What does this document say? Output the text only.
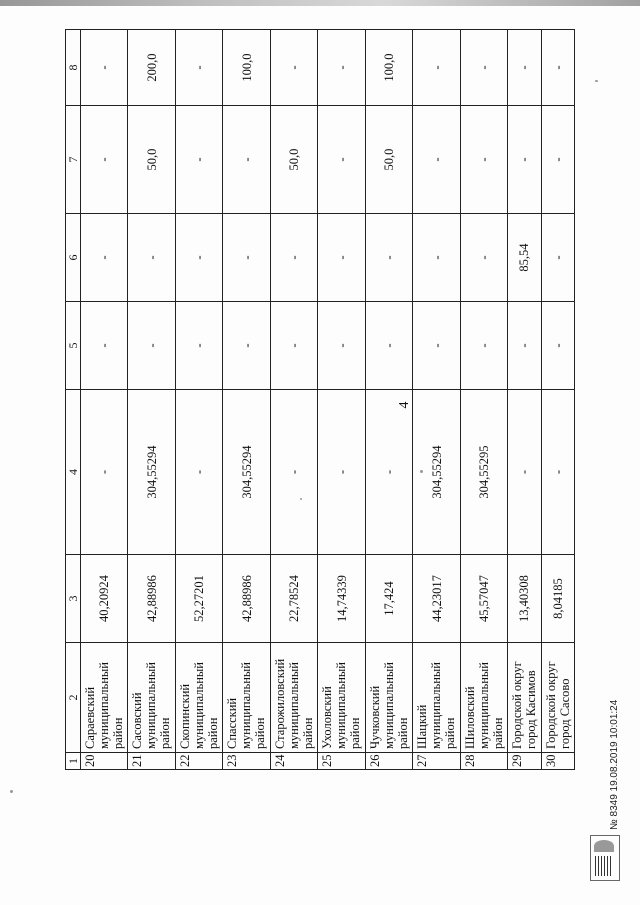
4
1	2	3	4	5	6	7	8
20	Сараевский муниципальный район	40,20924	-	-	-	-	-
21	Сасовский муниципальный район	42,88986	304,55294	-	-	50,0	200,0
22	Скопинский муниципальный район	52,27201	-	-	-	-	-
23	Спасский муниципальный район	42,88986	304,55294	-	-	-	100,0
24	Старожиловский муниципальный район	22,78524	-	-	-	50,0	-
25	Ухоловский муниципальный район	14,74339	-	-	-	-	-
26	Чучковский муниципальный район	17,424	-	-	-	50,0	100,0
27	Шацкий муниципальный район	44,23017	304,55294	-	-	-	-
28	Шиловский муниципальный район	45,57047	304,55295	-	-	-	-
29	Городской округ город Касимов	13,40308	-	-	85,54	-	-
30	Городской округ город Сасово	8,04185	-	-	-	-	-
№ 8349 19.08.2019 10:01:24
